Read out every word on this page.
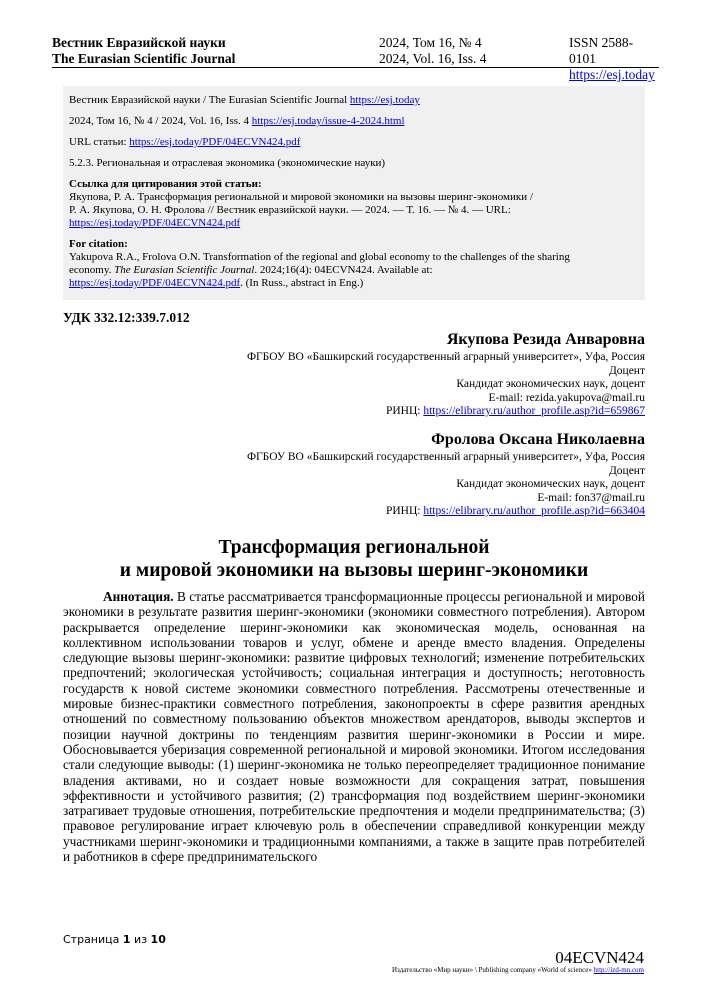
Вестник Евразийской науки
The Eurasian Scientific Journal
2024, Том 16, № 4
2024, Vol. 16, Iss. 4
ISSN 2588-0101
https://esj.today
Вестник Евразийской науки / The Eurasian Scientific Journal https://esj.today
2024, Том 16, № 4 / 2024, Vol. 16, Iss. 4 https://esj.today/issue-4-2024.html
URL статьи: https://esj.today/PDF/04ECVN424.pdf
5.2.3. Региональная и отраслевая экономика (экономические науки)
Ссылка для цитирования этой статьи:
Якупова, Р. А. Трансформация региональной и мировой экономики на вызовы шеринг-экономики /
Р. А. Якупова, О. Н. Фролова // Вестник евразийской науки. — 2024. — Т. 16. — № 4. — URL:
https://esj.today/PDF/04ECVN424.pdf
For citation:
Yakupova R.A., Frolova O.N. Transformation of the regional and global economy to the challenges of the sharing
economy. The Eurasian Scientific Journal. 2024;16(4): 04ECVN424. Available at:
https://esj.today/PDF/04ECVN424.pdf. (In Russ., abstract in Eng.)
УДК 332.12:339.7.012
Якупова Резида Анваровна
ФГБОУ ВО «Башкирский государственный аграрный университет», Уфа, Россия
Доцент
Кандидат экономических наук, доцент
E-mail: rezida.yakupova@mail.ru
РИНЦ: https://elibrary.ru/author_profile.asp?id=659867
Фролова Оксана Николаевна
ФГБОУ ВО «Башкирский государственный аграрный университет», Уфа, Россия
Доцент
Кандидат экономических наук, доцент
E-mail: fon37@mail.ru
РИНЦ: https://elibrary.ru/author_profile.asp?id=663404
Трансформация региональной
и мировой экономики на вызовы шеринг-экономики

Аннотация. В статье рассматривается трансформационные процессы региональной и мировой экономики в результате развития шеринг-экономики (экономики совместного потребления). Автором раскрывается определение шеринг-экономики как экономическая модель, основанная на коллективном использовании товаров и услуг, обмене и аренде вместо владения. Определены следующие вызовы шеринг-экономики: развитие цифровых технологий; изменение потребительских предпочтений; экологическая устойчивость; социальная интеграция и доступность; неготовность государств к новой системе экономики совместного потребления. Рассмотрены отечественные и мировые бизнес-практики совместного потребления, законопроекты в сфере развития арендных отношений по совместному пользованию объектов множеством арендаторов, выводы экспертов и позиции научной доктрины по тенденциям развития шеринг-экономики в России и мире. Обосновывается уберизация современной региональной и мировой экономики. Итогом исследования стали следующие выводы: (1) шеринг-экономика не только переопределяет традиционное понимание владения активами, но и создает новые возможности для сокращения затрат, повышения эффективности и устойчивого развития; (2) трансформация под воздействием шеринг-экономики затрагивает трудовые отношения, потребительские предпочтения и модели предпринимательства; (3) правовое регулирование играет ключевую роль в обеспечении справедливой конкуренции между участниками шеринг-экономики и традиционными компаниями, а также в защите прав потребителей и работников в сфере предпринимательского

Страница 1 из 10
04ECVN424
Издательство «Мир науки» \ Publishing company «World of science» http://izd-mn.com
